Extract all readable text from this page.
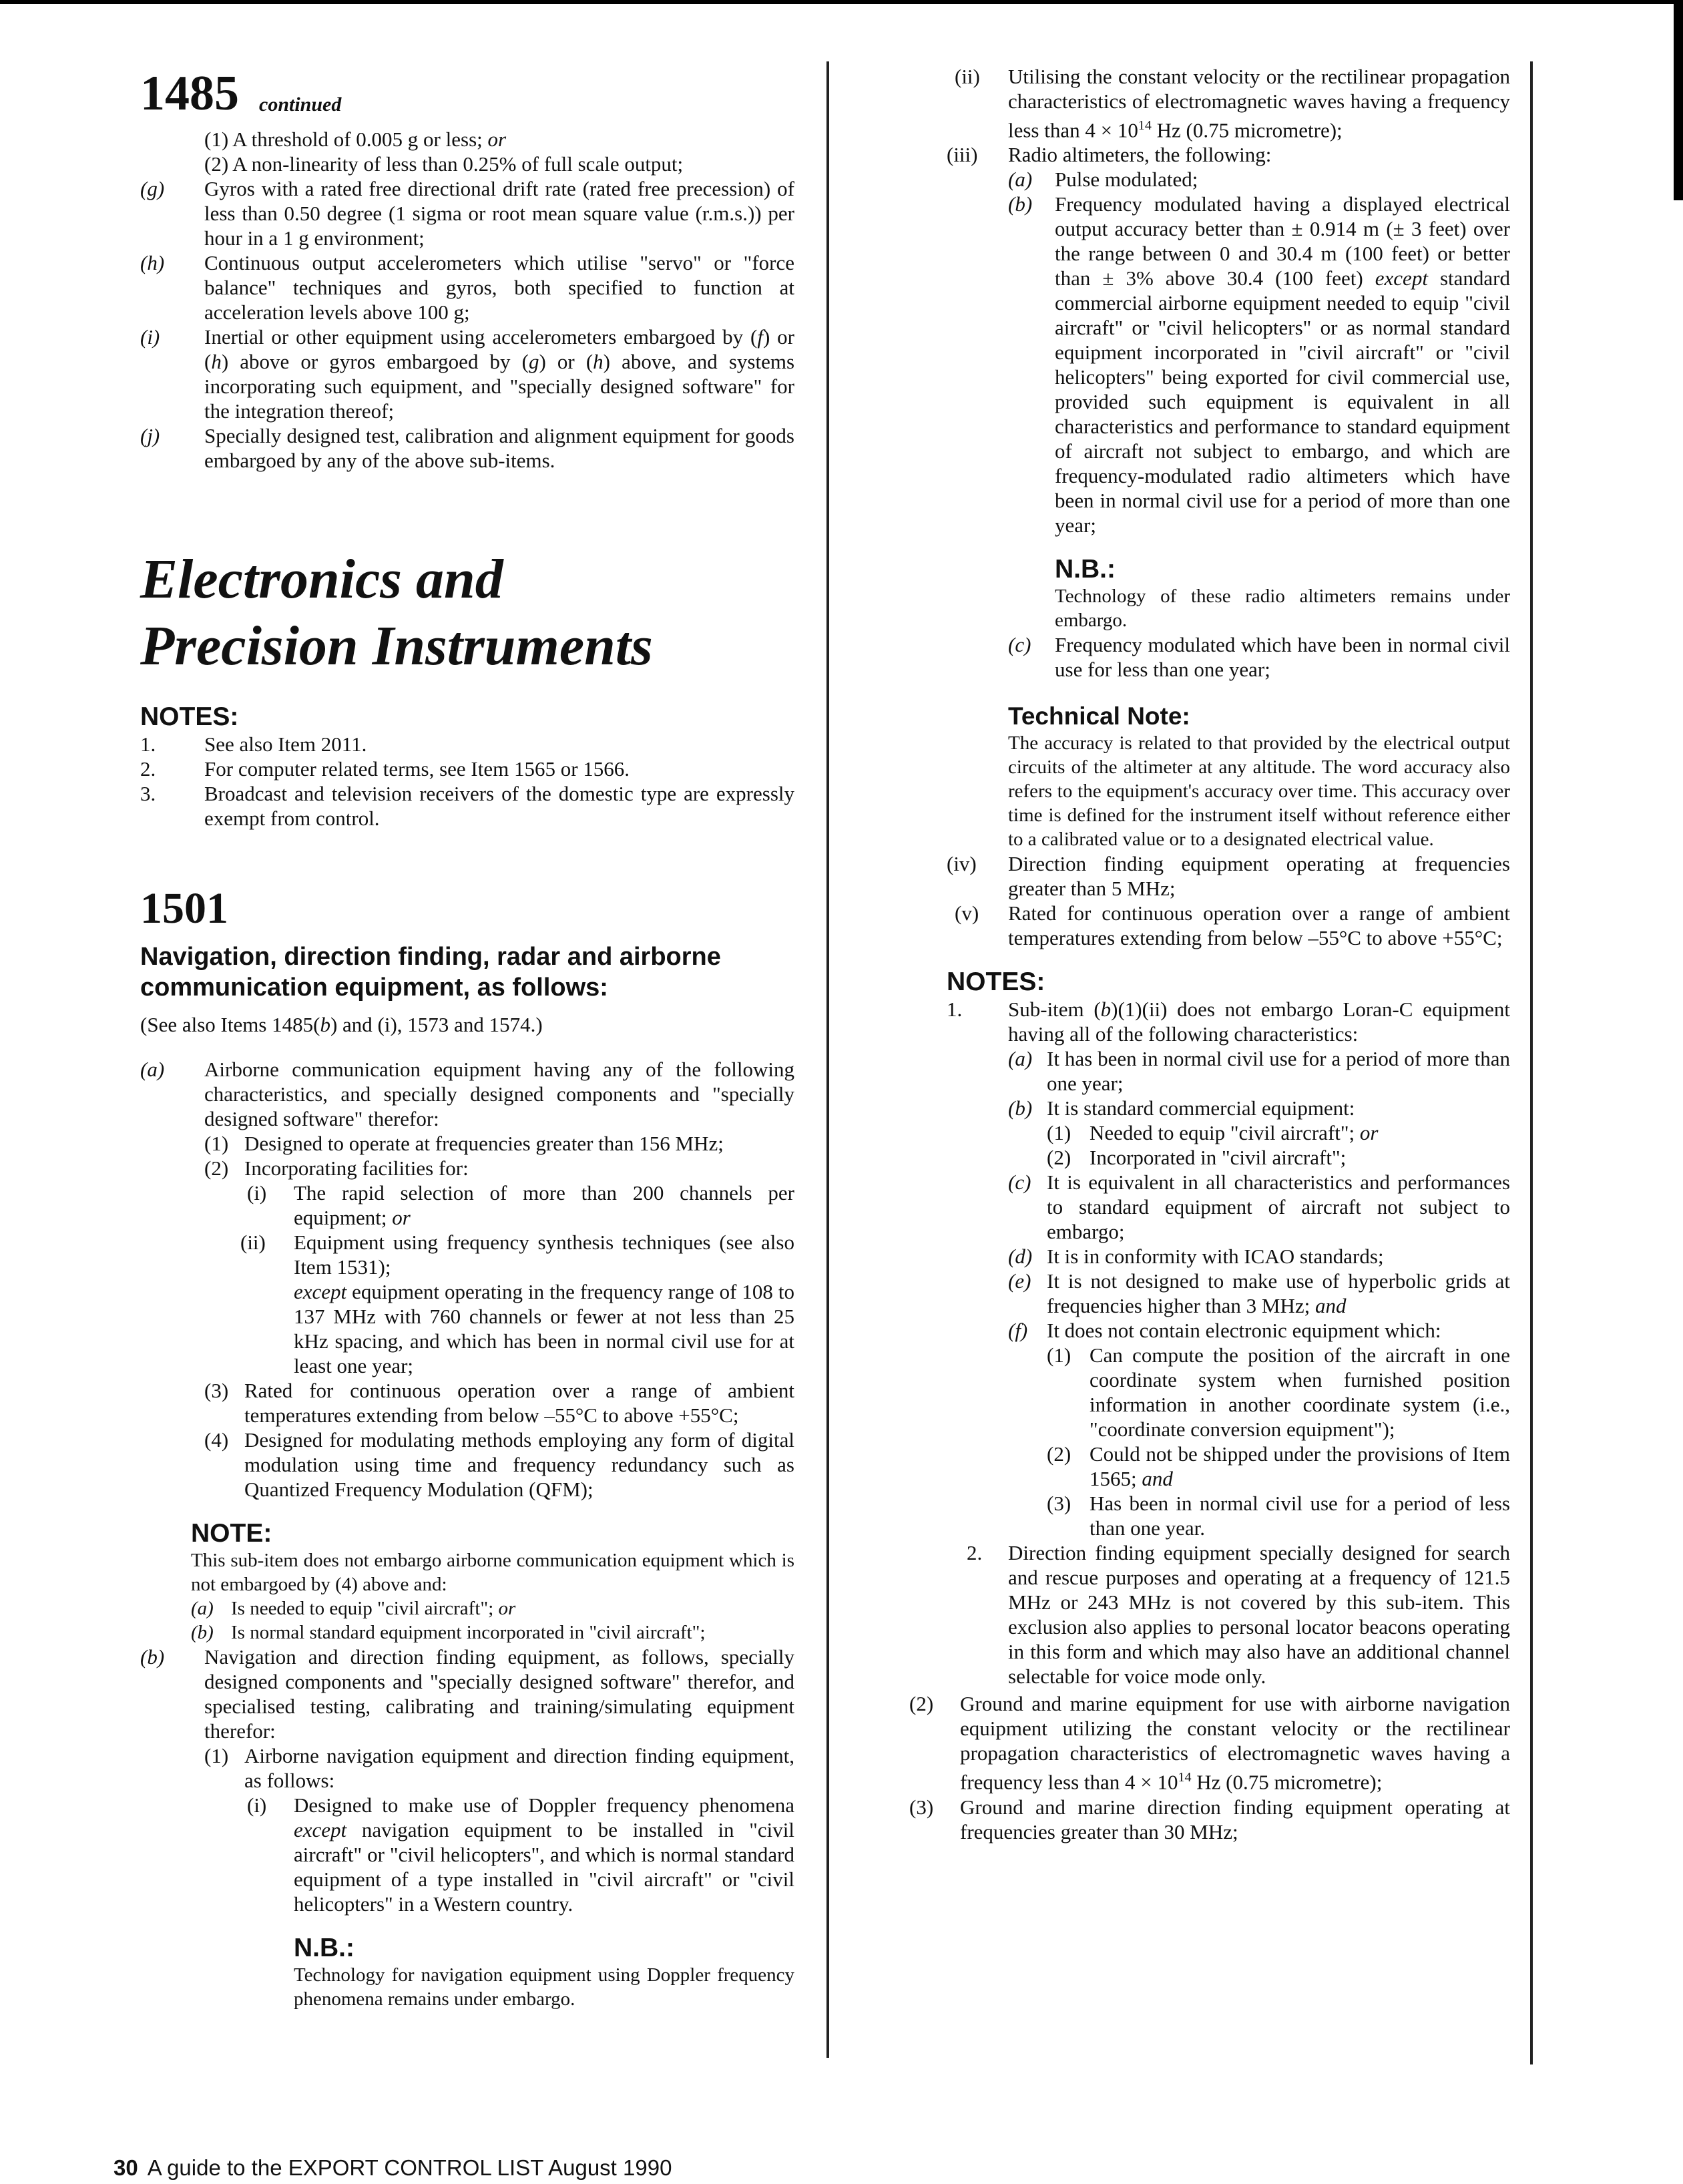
1485 continued

(1) A threshold of 0.005 g or less; or
(2) A non-linearity of less than 0.25% of full scale output;
(g) Gyros with a rated free directional drift rate (rated free precession) of less than 0.50 degree (1 sigma or root mean square value (r.m.s.)) per hour in a 1 g environment;
(h) Continuous output accelerometers which utilise "servo" or "force balance" techniques and gyros, both specified to function at acceleration levels above 100 g;
(i) Inertial or other equipment using accelerometers embargoed by (f) or (h) above or gyros embargoed by (g) or (h) above, and systems incorporating such equipment, and "specially designed software" for the integration thereof;
(j) Specially designed test, calibration and alignment equipment for goods embargoed by any of the above sub-items.

Electronics and
Precision Instruments

NOTES:
1. See also Item 2011.
2. For computer related terms, see Item 1565 or 1566.
3. Broadcast and television receivers of the domestic type are expressly exempt from control.
1501
Navigation, direction finding, radar and airborne communication equipment, as follows:
(See also Items 1485(b) and (i), 1573 and 1574.)
(a) Airborne communication equipment having any of the following characteristics, and specially designed components and "specially designed software" therefor:
(1) Designed to operate at frequencies greater than 156 MHz;
(2) Incorporating facilities for:
(i) The rapid selection of more than 200 channels per equipment; or
(ii) Equipment using frequency synthesis techniques (see also Item 1531);
except equipment operating in the frequency range of 108 to 137 MHz with 760 channels or fewer at not less than 25 kHz spacing, and which has been in normal civil use for at least one year;
(3) Rated for continuous operation over a range of ambient temperatures extending from below –55°C to above +55°C;
(4) Designed for modulating methods employing any form of digital modulation using time and frequency redundancy such as Quantized Frequency Modulation (QFM);
NOTE:
This sub-item does not embargo airborne communication equipment which is not embargoed by (4) above and:
(a) Is needed to equip "civil aircraft"; or
(b) Is normal standard equipment incorporated in "civil aircraft";
(b) Navigation and direction finding equipment, as follows, specially designed components and "specially designed software" therefor, and specialised testing, calibrating and training/simulating equipment therefor:
(1) Airborne navigation equipment and direction finding equipment, as follows:
(i) Designed to make use of Doppler frequency phenomena except navigation equipment to be installed in "civil aircraft" or "civil helicopters", and which is normal standard equipment of a type installed in "civil aircraft" or "civil helicopters" in a Western country.
N.B.:
Technology for navigation equipment using Doppler frequency phenomena remains under embargo.
(ii) Utilising the constant velocity or the rectilinear propagation characteristics of electromagnetic waves having a frequency less than $4 \times 10^{14}$ Hz (0.75 micrometre);
(iii) Radio altimeters, the following:
(a) Pulse modulated;
(b) Frequency modulated having a displayed electrical output accuracy better than ± 0.914 m (± 3 feet) over the range between 0 and 30.4 m (100 feet) or better than ± 3% above 30.4 (100 feet) except standard commercial airborne equipment needed to equip "civil aircraft" or "civil helicopters" or as normal standard equipment incorporated in "civil aircraft" or "civil helicopters" being exported for civil commercial use, provided such equipment is equivalent in all characteristics and performance to standard equipment of aircraft not subject to embargo, and which are frequency-modulated radio altimeters which have been in normal civil use for a period of more than one year;
N.B.:
Technology of these radio altimeters remains under embargo.
(c) Frequency modulated which have been in normal civil use for less than one year;
Technical Note:
The accuracy is related to that provided by the electrical output circuits of the altimeter at any altitude. The word accuracy also refers to the equipment's accuracy over time. This accuracy over time is defined for the instrument itself without reference either to a calibrated value or to a designated electrical value.
(iv) Direction finding equipment operating at frequencies greater than 5 MHz;
(v) Rated for continuous operation over a range of ambient temperatures extending from below –55°C to above +55°C;
NOTES:
1. Sub-item (b)(1)(ii) does not embargo Loran-C equipment having all of the following characteristics:
(a) It has been in normal civil use for a period of more than one year;
(b) It is standard commercial equipment:
(1) Needed to equip "civil aircraft"; or
(2) Incorporated in "civil aircraft";
(c) It is equivalent in all characteristics and performances to standard equipment of aircraft not subject to embargo;
(d) It is in conformity with ICAO standards;
(e) It is not designed to make use of hyperbolic grids at frequencies higher than 3 MHz; and
(f) It does not contain electronic equipment which:
(1) Can compute the position of the aircraft in one coordinate system when furnished position information in another coordinate system (i.e., "coordinate conversion equipment");
(2) Could not be shipped under the provisions of Item 1565; and
(3) Has been in normal civil use for a period of less than one year.
2. Direction finding equipment specially designed for search and rescue purposes and operating at a frequency of 121.5 MHz or 243 MHz is not covered by this sub-item. This exclusion also applies to personal locator beacons operating in this form and which may also have an additional channel selectable for voice mode only.
(2) Ground and marine equipment for use with airborne navigation equipment utilizing the constant velocity or the rectilinear propagation characteristics of electromagnetic waves having a frequency less than $4 \times 10^{14}$ Hz (0.75 micrometre);
(3) Ground and marine direction finding equipment operating at frequencies greater than 30 MHz;
30 A guide to the EXPORT CONTROL LIST August 1990
